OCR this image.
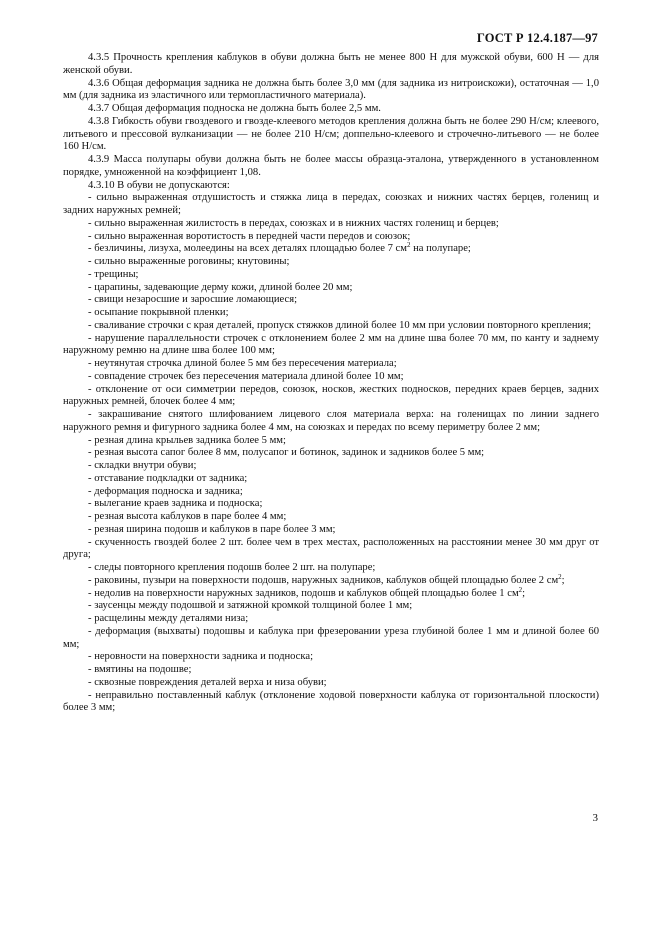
ГОСТ Р 12.4.187—97

4.3.5 Прочность крепления каблуков в обуви должна быть не менее 800 Н для мужской обуви, 600 Н — для женской обуви.

4.3.6 Общая деформация задника не должна быть более 3,0 мм (для задника из нитроискожи), остаточная — 1,0 мм (для задника из эластичного или термопластичного материала).

4.3.7 Общая деформация подноска не должна быть более 2,5 мм.

4.3.8 Гибкость обуви гвоздевого и гвозде-клеевого методов крепления должна быть не более 290 Н/см; клеевого, литьевого и прессовой вулканизации — не более 210 Н/см; доппельно-клеевого и строчечно-литьевого — не более 160 Н/см.

4.3.9 Масса полупары обуви должна быть не более массы образца-эталона, утвержденного в установленном порядке, умноженной на коэффициент 1,08.

4.3.10 В обуви не допускаются:

- сильно выраженная отдушистость и стяжка лица в передах, союзках и нижних частях берцев, голенищ и задних наружных ремней;

- сильно выраженная жилистость в передах, союзках и в нижних частях голенищ и берцев;

- сильно выраженная воротистость в передней части передов и союзок;

- безличины, лизуха, молеедины на всех деталях площадью более 7 $см^2$ на полупаре;

- сильно выраженные роговины; кнутовины;

- трещины;

- царапины, задевающие дерму кожи, длиной более 20 мм;

- свищи незаросшие и заросшие ломающиеся;

- осыпание покрывной пленки;

- сваливание строчки с края деталей, пропуск стяжков длиной более 10 мм при условии повторного крепления;

- нарушение параллельности строчек с отклонением более 2 мм на длине шва более 70 мм, по канту и заднему наружному ремню на длине шва более 100 мм;

- неутянутая строчка длиной более 5 мм без пересечения материала;

- совпадение строчек без пересечения материала длиной более 10 мм;

- отклонение от оси симметрии передов, союзок, носков, жестких подносков, передних краев берцев, задних наружных ремней, блочек более 4 мм;

- закрашивание снятого шлифованием лицевого слоя материала верха: на голенищах по линии заднего наружного ремня и фигурного задника более 4 мм, на союзках и передах по всему периметру более 2 мм;

- резная длина крыльев задника более 5 мм;

- резная высота сапог более 8 мм, полусапог и ботинок, задинок и задников более 5 мм;

- складки внутри обуви;

- отставание подкладки от задника;

- деформация подноска и задника;

- вылегание краев задника и подноска;

- резная высота каблуков в паре более 4 мм;

- резная ширина подошв и каблуков в паре более 3 мм;

- скученность гвоздей более 2 шт. более чем в трех местах, расположенных на расстоянии менее 30 мм друг от друга;

- следы повторного крепления подошв более 2 шт. на полупаре;

- раковины, пузыри на поверхности подошв, наружных задников, каблуков общей площадью более 2 $см^2$;

- недолив на поверхности наружных задников, подошв и каблуков общей площадью более 1 $см^2$;

- заусенцы между подошвой и затяжной кромкой толщиной более 1 мм;

- расщелины между деталями низа;

- деформация (выхваты) подошвы и каблука при фрезеровании уреза глубиной более 1 мм и длиной более 60 мм;

- неровности на поверхности задника и подноска;

- вмятины на подошве;

- сквозные повреждения деталей верха и низа обуви;

- неправильно поставленный каблук (отклонение ходовой поверхности каблука от горизонтальной плоскости) более 3 мм;

3
